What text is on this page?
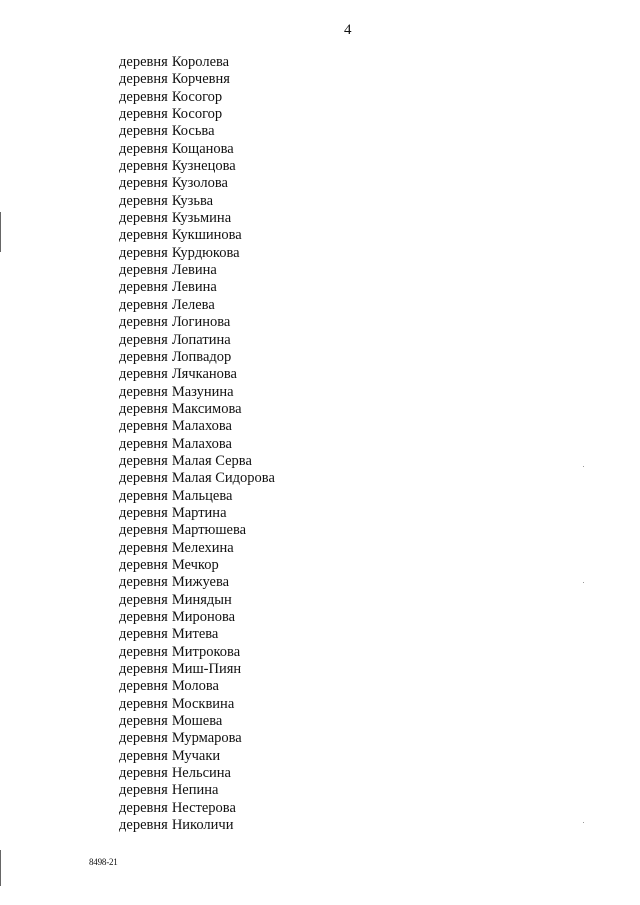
4
деревня Королева
деревня Корчевня
деревня Косогор
деревня Косогор
деревня Косьва
деревня Кощанова
деревня Кузнецова
деревня Кузолова
деревня Кузьва
деревня Кузьмина
деревня Кукшинова
деревня Курдюкова
деревня Левина
деревня Левина
деревня Лелева
деревня Логинова
деревня Лопатина
деревня Лопвадор
деревня Лячканова
деревня Мазунина
деревня Максимова
деревня Малахова
деревня Малахова
деревня Малая Серва
деревня Малая Сидорова
деревня Мальцева
деревня Мартина
деревня Мартюшева
деревня Мелехина
деревня Мечкор
деревня Мижуева
деревня Минядын
деревня Миронова
деревня Митева
деревня Митрокова
деревня Миш-Пиян
деревня Молова
деревня Москвина
деревня Мошева
деревня Мурмарова
деревня Мучаки
деревня Нельсина
деревня Непина
деревня Нестерова
деревня Николичи
8498-21
